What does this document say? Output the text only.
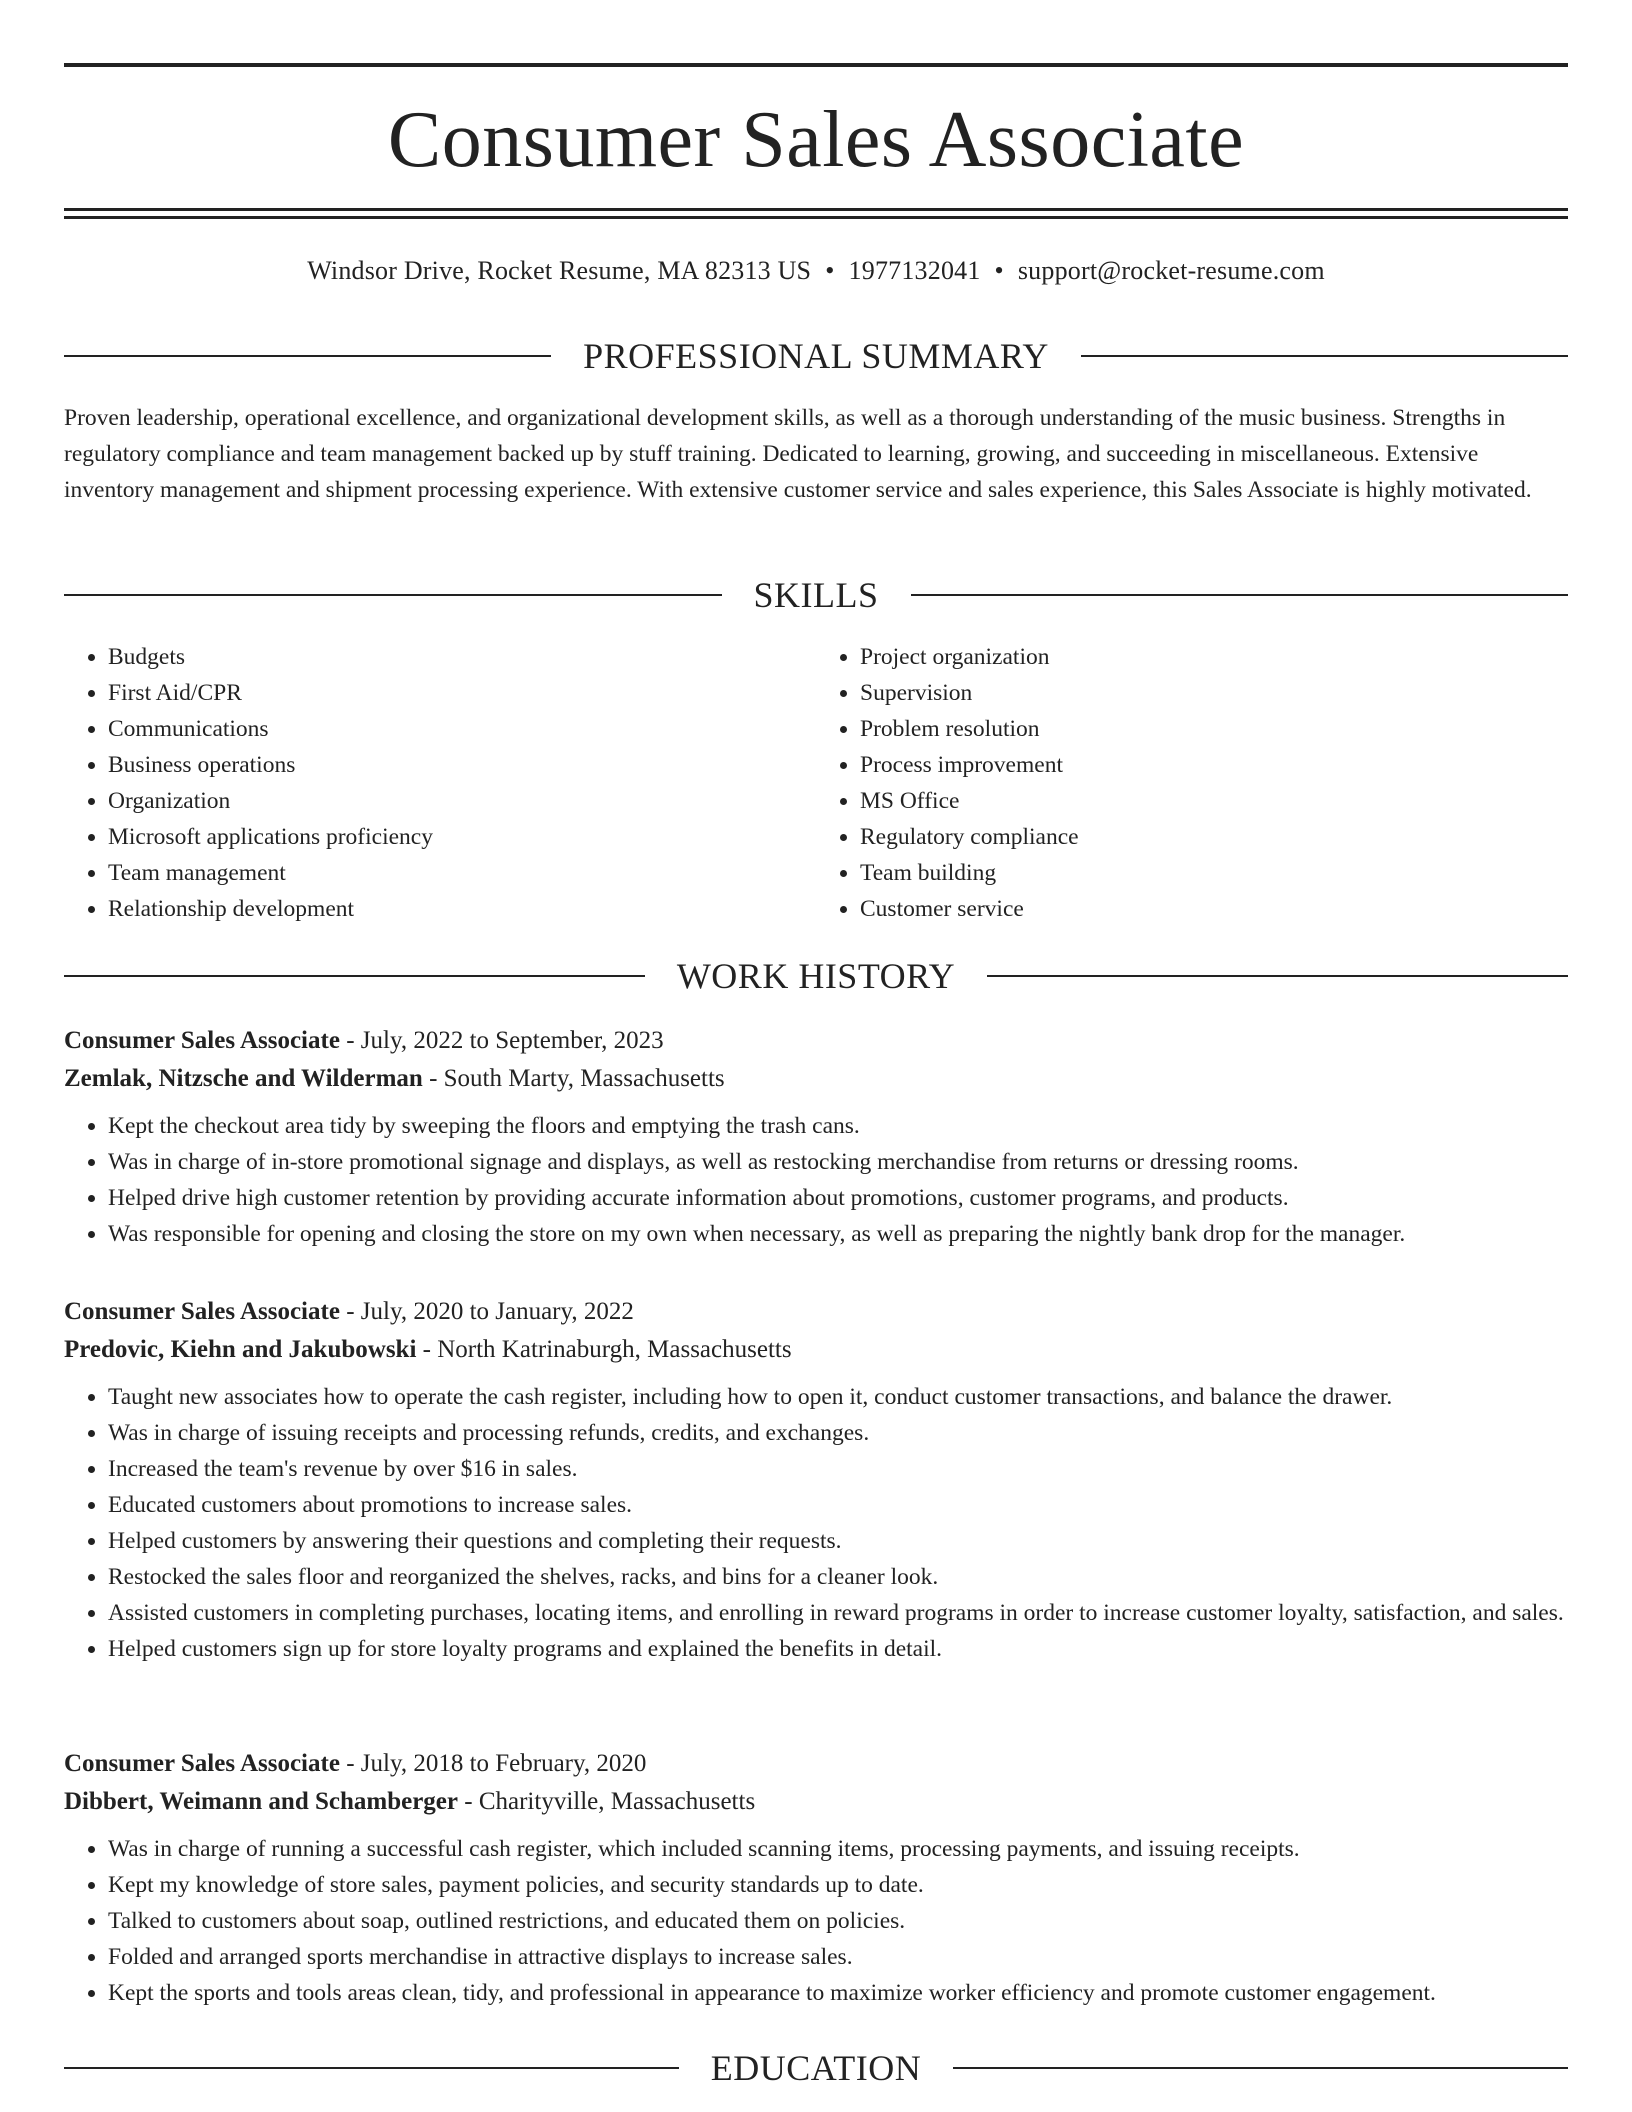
Consumer Sales Associate
Windsor Drive, Rocket Resume, MA 82313 US • 1977132041 • support@rocket-resume.com
PROFESSIONAL SUMMARY

Proven leadership, operational excellence, and organizational development skills, as well as a thorough understanding of the music business. Strengths in regulatory compliance and team management backed up by stuff training. Dedicated to learning, growing, and succeeding in miscellaneous. Extensive inventory management and shipment processing experience. With extensive customer service and sales experience, this Sales Associate is highly motivated.

SKILLS
• Budgets
• First Aid/CPR
• Communications
• Business operations
• Organization
• Microsoft applications proficiency
• Team management
• Relationship development
• Project organization
• Supervision
• Problem resolution
• Process improvement
• MS Office
• Regulatory compliance
• Team building
• Customer service
WORK HISTORY
Consumer Sales Associate - July, 2022 to September, 2023
Zemlak, Nitzsche and Wilderman - South Marty, Massachusetts
• Kept the checkout area tidy by sweeping the floors and emptying the trash cans.
• Was in charge of in-store promotional signage and displays, as well as restocking merchandise from returns or dressing rooms.
• Helped drive high customer retention by providing accurate information about promotions, customer programs, and products.
• Was responsible for opening and closing the store on my own when necessary, as well as preparing the nightly bank drop for the manager.
Consumer Sales Associate - July, 2020 to January, 2022
Predovic, Kiehn and Jakubowski - North Katrinaburgh, Massachusetts
• Taught new associates how to operate the cash register, including how to open it, conduct customer transactions, and balance the drawer.
• Was in charge of issuing receipts and processing refunds, credits, and exchanges.
• Increased the team's revenue by over $16 in sales.
• Educated customers about promotions to increase sales.
• Helped customers by answering their questions and completing their requests.
• Restocked the sales floor and reorganized the shelves, racks, and bins for a cleaner look.
• Assisted customers in completing purchases, locating items, and enrolling in reward programs in order to increase customer loyalty, satisfaction, and sales.
• Helped customers sign up for store loyalty programs and explained the benefits in detail.
Consumer Sales Associate - July, 2018 to February, 2020
Dibbert, Weimann and Schamberger - Charityville, Massachusetts
• Was in charge of running a successful cash register, which included scanning items, processing payments, and issuing receipts.
• Kept my knowledge of store sales, payment policies, and security standards up to date.
• Talked to customers about soap, outlined restrictions, and educated them on policies.
• Folded and arranged sports merchandise in attractive displays to increase sales.
• Kept the sports and tools areas clean, tidy, and professional in appearance to maximize worker efficiency and promote customer engagement.
EDUCATION
